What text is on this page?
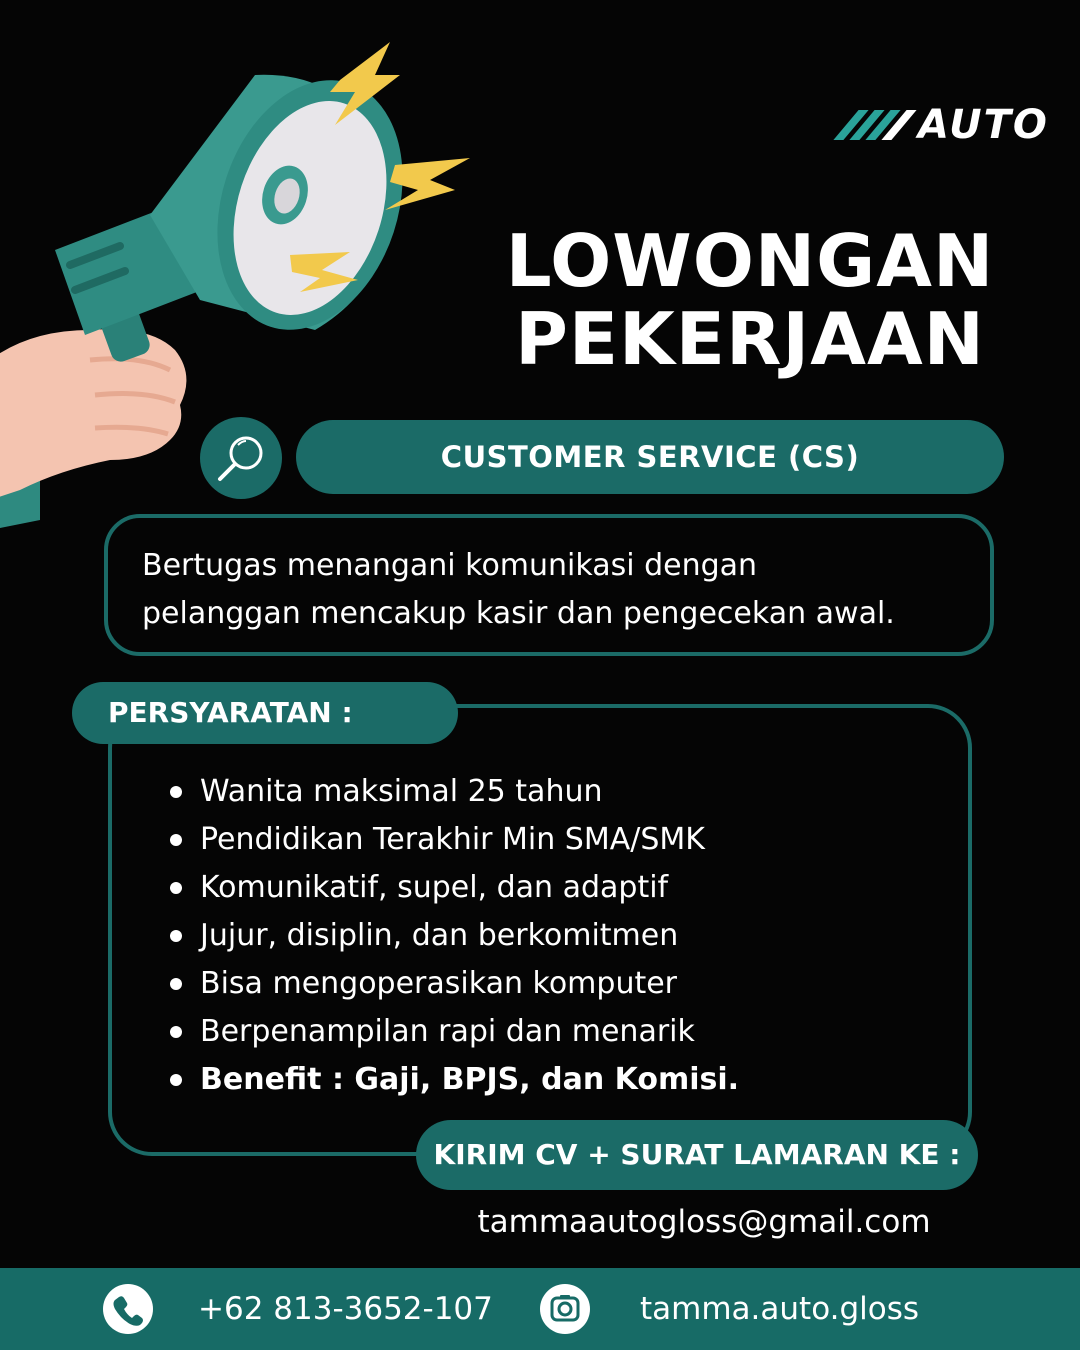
AUTO
LOWONGAN
PEKERJAAN
CUSTOMER SERVICE (CS)
Bertugas menangani komunikasi dengan
pelanggan mencakup kasir dan pengecekan awal.
PERSYARATAN :
Wanita maksimal 25 tahun
Pendidikan Terakhir Min SMA/SMK
Komunikatif, supel, dan adaptif
Jujur, disiplin, dan berkomitmen
Bisa mengoperasikan komputer
Berpenampilan rapi dan menarik
Benefit : Gaji, BPJS, dan Komisi.
KIRIM CV + SURAT LAMARAN KE :
tammaautogloss@gmail.com
+62 813-3652-107	tamma.auto.gloss
